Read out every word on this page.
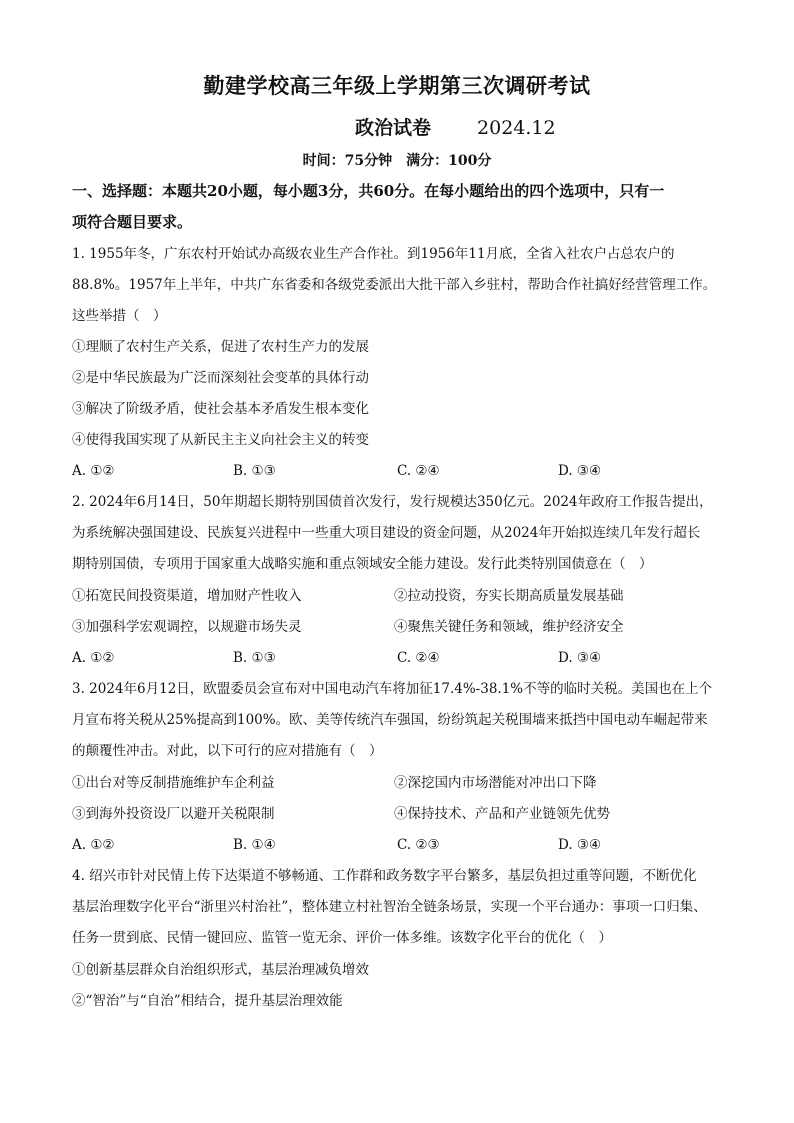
勤建学校高三年级上学期第三次调研考试
政治试卷 2024.12
时间：75分钟 满分：100分
一、选择题：本题共20小题，每小题3分，共60分。在每小题给出的四个选项中，只有一
项符合题目要求。
1. 1955年冬，广东农村开始试办高级农业生产合作社。到1956年11月底，全省入社农户占总农户的
88.8%。1957年上半年，中共广东省委和各级党委派出大批干部入乡驻村，帮助合作社搞好经营管理工作。
这些举措（　）
①理顺了农村生产关系，促进了农村生产力的发展
②是中华民族最为广泛而深刻社会变革的具体行动
③解决了阶级矛盾，使社会基本矛盾发生根本变化
④使得我国实现了从新民主主义向社会主义的转变
A. ①②	B. ①③	C. ②④	D. ③④
2. 2024年6月14日，50年期超长期特别国债首次发行，发行规模达350亿元。2024年政府工作报告提出，
为系统解决强国建设、民族复兴进程中一些重大项目建设的资金问题，从2024年开始拟连续几年发行超长
期特别国债，专项用于国家重大战略实施和重点领域安全能力建设。发行此类特别国债意在（　）
①拓宽民间投资渠道，增加财产性收入	②拉动投资，夯实长期高质量发展基础
③加强科学宏观调控，以规避市场失灵	④聚焦关键任务和领域，维护经济安全
A. ①②	B. ①③	C. ②④	D. ③④
3. 2024年6月12日，欧盟委员会宣布对中国电动汽车将加征17.4%-38.1%不等的临时关税。美国也在上个
月宣布将关税从25%提高到100%。欧、美等传统汽车强国，纷纷筑起关税围墙来抵挡中国电动车崛起带来
的颠覆性冲击。对此，以下可行的应对措施有（　）
①出台对等反制措施维护车企利益	②深挖国内市场潜能对冲出口下降
③到海外投资设厂以避开关税限制	④保持技术、产品和产业链领先优势
A. ①②	B. ①④	C. ②③	D. ③④
4. 绍兴市针对民情上传下达渠道不够畅通、工作群和政务数字平台繁多，基层负担过重等问题，不断优化
基层治理数字化平台“浙里兴村治社”，整体建立村社智治全链条场景，实现一个平台通办：事项一口归集、
任务一贯到底、民情一键回应、监管一览无余、评价一体多维。该数字化平台的优化（　）
①创新基层群众自治组织形式，基层治理减负增效
②“智治”与“自治”相结合，提升基层治理效能
